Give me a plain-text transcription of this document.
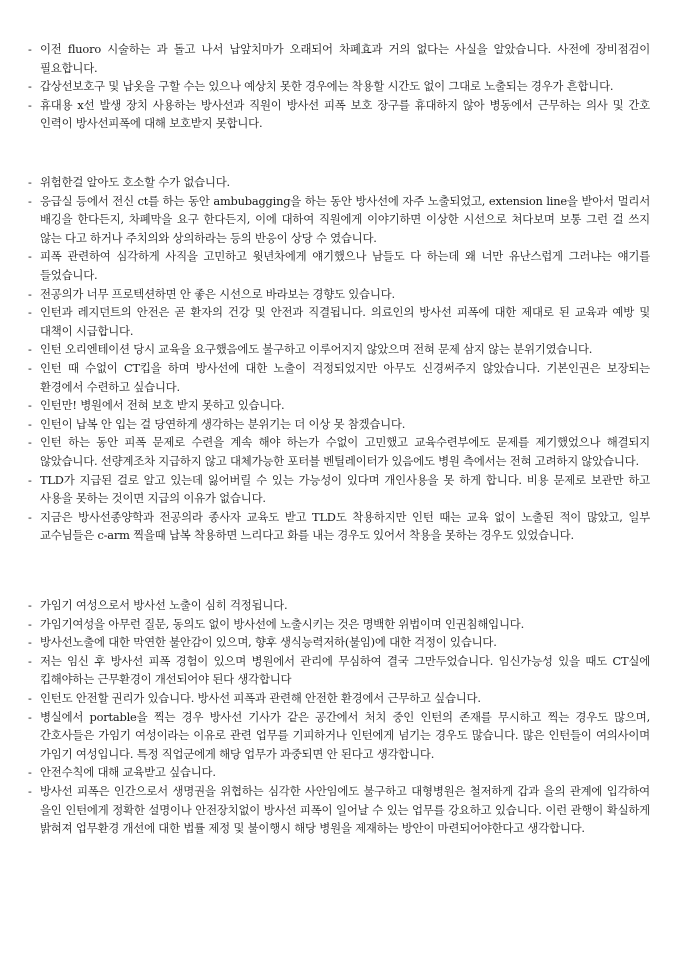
- 이전 fluoro 시술하는 과 돌고 나서 납앞치마가 오래되어 차폐효과 거의 없다는 사실을 알았습니다. 사전에 장비점검이 필요합니다.
- 갑상선보호구 및 납옷을 구할 수는 있으나 예상치 못한 경우에는 착용할 시간도 없이 그대로 노출되는 경우가 흔합니다.
- 휴대용 x선 발생 장치 사용하는 방사선과 직원이 방사선 피폭 보호 장구를 휴대하지 않아 병동에서 근무하는 의사 및 간호 인력이 방사선피폭에 대해 보호받지 못합니다.
- 위험한걸 알아도 호소할 수가 없습니다.
- 응급실 등에서 전신 ct를 하는 동안 ambubagging을 하는 동안 방사선에 자주 노출되었고, extension line을 받아서 멀리서 배깅을 한다든지, 차폐막을 요구 한다든지, 이에 대하여 직원에게 이야기하면 이상한 시선으로 쳐다보며 보통 그런 걸 쓰지 않는 다고 하거나 주치의와 상의하라는 등의 반응이 상당 수 였습니다.
- 피폭 관련하여 심각하게 사직을 고민하고 윗년차에게 얘기했으나 남들도 다 하는데 왜 너만 유난스럽게 그러냐는 얘기를 들었습니다.
- 전공의가 너무 프로텍션하면 안 좋은 시선으로 바라보는 경향도 있습니다.
- 인턴과 레지던트의 안전은 곧 환자의 건강 및 안전과 직결됩니다. 의료인의 방사선 피폭에 대한 제대로 된 교육과 예방 및 대책이 시급합니다.
- 인턴 오리엔테이션 당시 교육을 요구했음에도 불구하고 이루어지지 않았으며 전혀 문제 삼지 않는 분위기였습니다.
- 인턴 때 수없이 CT킵을 하며 방사선에 대한 노출이 걱정되었지만 아무도 신경써주지 않았습니다. 기본인권은 보장되는 환경에서 수련하고 싶습니다.
- 인턴만! 병원에서 전혀 보호 받지 못하고 있습니다.
- 인턴이 납복 안 입는 걸 당연하게 생각하는 분위기는 더 이상 못 참겠습니다.
- 인턴 하는 동안 피폭 문제로 수련을 계속 해야 하는가 수없이 고민했고 교육수련부에도 문제를 제기했었으나 해결되지 않았습니다. 선량계조차 지급하지 않고 대체가능한 포터블 벤틸레이터가 있음에도 병원 측에서는 전혀 고려하지 않았습니다.
- TLD가 지급된 걸로 알고 있는데 잃어버릴 수 있는 가능성이 있다며 개인사용을 못 하게 합니다. 비용 문제로 보관만 하고 사용을 못하는 것이면 지급의 이유가 없습니다.
- 지금은 방사선종양학과 전공의라 종사자 교육도 받고 TLD도 착용하지만 인턴 때는 교육 없이 노출된 적이 많았고, 일부 교수님들은 c-arm 찍을때 납복 착용하면 느리다고 화를 내는 경우도 있어서 착용을 못하는 경우도 있었습니다.
- 가임기 여성으로서 방사선 노출이 심히 걱정됩니다.
- 가임기여성을 아무런 질문, 동의도 없이 방사선에 노출시키는 것은 명백한 위법이며 인권침해입니다.
- 방사선노출에 대한 막연한 불안감이 있으며, 향후 생식능력저하(불임)에 대한 걱정이 있습니다.
- 저는 임신 후 방사선 피폭 경험이 있으며 병원에서 관리에 무심하여 결국 그만두었습니다. 임신가능성 있을 때도 CT실에 킵해야하는 근무환경이 개선되어야 된다 생각합니다
- 인턴도 안전할 권리가 있습니다. 방사선 피폭과 관련해 안전한 환경에서 근무하고 싶습니다.
- 병실에서 portable을 찍는 경우 방사선 기사가 같은 공간에서 처치 중인 인턴의 존재를 무시하고 찍는 경우도 많으며, 간호사들은 가임기 여성이라는 이유로 관련 업무를 기피하거나 인턴에게 넘기는 경우도 많습니다. 많은 인턴들이 여의사이며 가임기 여성입니다. 특정 직업군에게 해당 업무가 과중되면 안 된다고 생각합니다.
- 안전수칙에 대해 교육받고 싶습니다.
- 방사선 피폭은 인간으로서 생명권을 위협하는 심각한 사안임에도 불구하고 대형병원은 철저하게 갑과 을의 관계에 입각하여 을인 인턴에게 정확한 설명이나 안전장치없이 방사선 피폭이 일어날 수 있는 업무를 강요하고 있습니다. 이런 관행이 확실하게 밝혀져 업무환경 개선에 대한 법률 제정 및 불이행시 해당 병원을 제재하는 방안이 마련되어야한다고 생각합니다.
